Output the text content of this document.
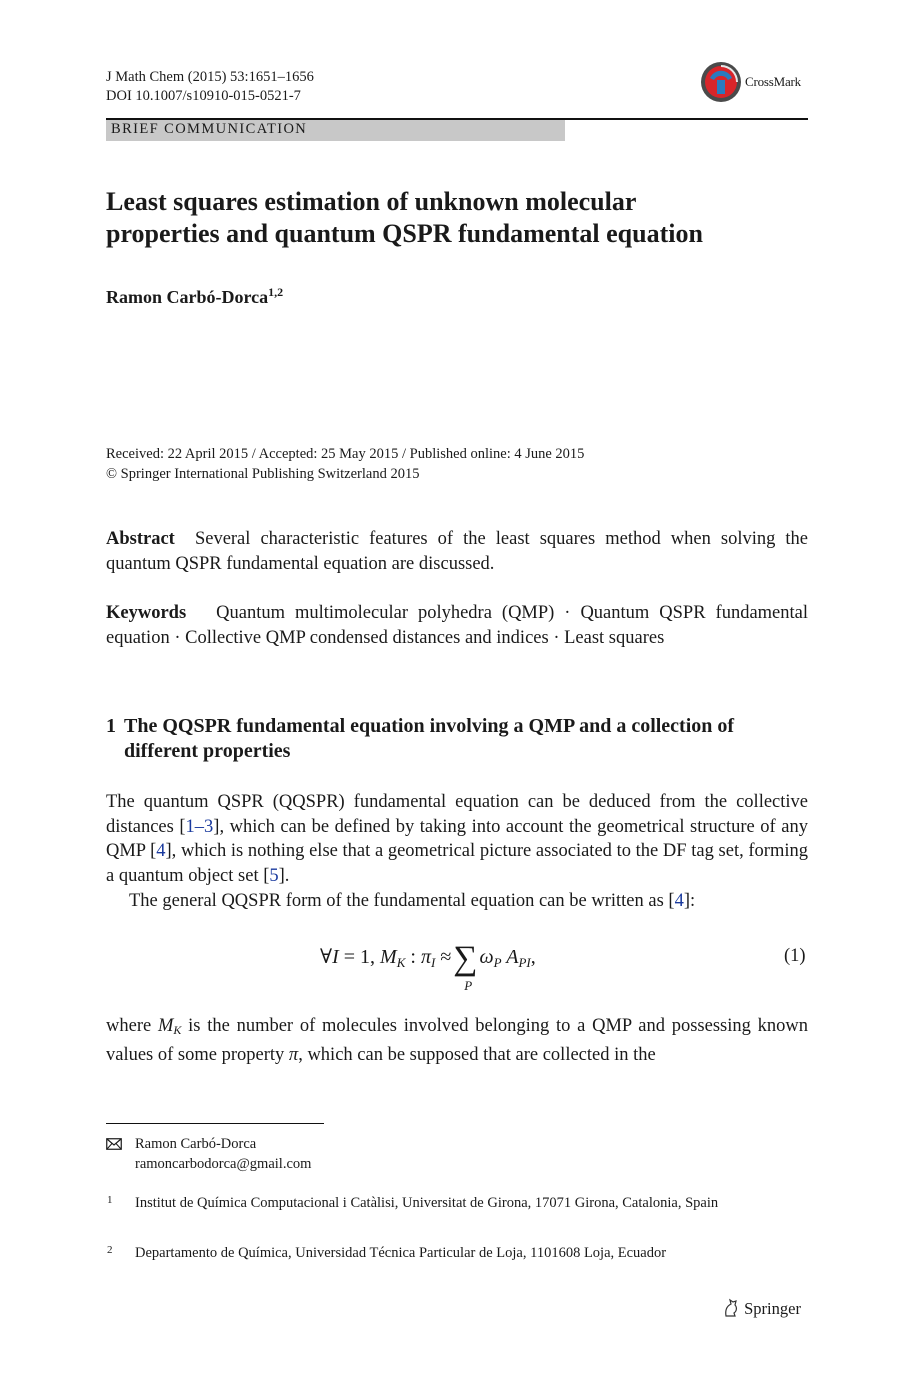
J Math Chem (2015) 53:1651–1656
DOI 10.1007/s10910-015-0521-7
CrossMark
BRIEF COMMUNICATION
Least squares estimation of unknown molecular
properties and quantum QSPR fundamental equation
Ramon Carbó-Dorca$^{1,2}$
Received: 22 April 2015 / Accepted: 25 May 2015 / Published online: 4 June 2015
© Springer International Publishing Switzerland 2015
Abstract Several characteristic features of the least squares method when solving the quantum QSPR fundamental equation are discussed.
Keywords Quantum multimolecular polyhedra (QMP) · Quantum QSPR fundamental equation · Collective QMP condensed distances and indices · Least squares
1 The QQSPR fundamental equation involving a QMP and a collection of different properties
The quantum QSPR (QQSPR) fundamental equation can be deduced from the collective distances [1–3], which can be defined by taking into account the geometrical structure of any QMP [4], which is nothing else that a geometrical picture associated to the DF tag set, forming a quantum object set [5].
The general QQSPR form of the fundamental equation can be written as [4]:
∀I = 1, $M_K$ : $\pi_I$ ≈∑
P
$\omega_P$ $A_{PI}$,	(1)
where $M_K$ is the number of molecules involved belonging to a QMP and possessing known values of some property π, which can be supposed that are collected in the
Ramon Carbó-Dorca
ramoncarbodorca@gmail.com
1 Institut de Química Computacional i Catàlisi, Universitat de Girona, 17071 Girona, Catalonia, Spain
2 Departamento de Química, Universidad Técnica Particular de Loja, 1101608 Loja, Ecuador
Springer
